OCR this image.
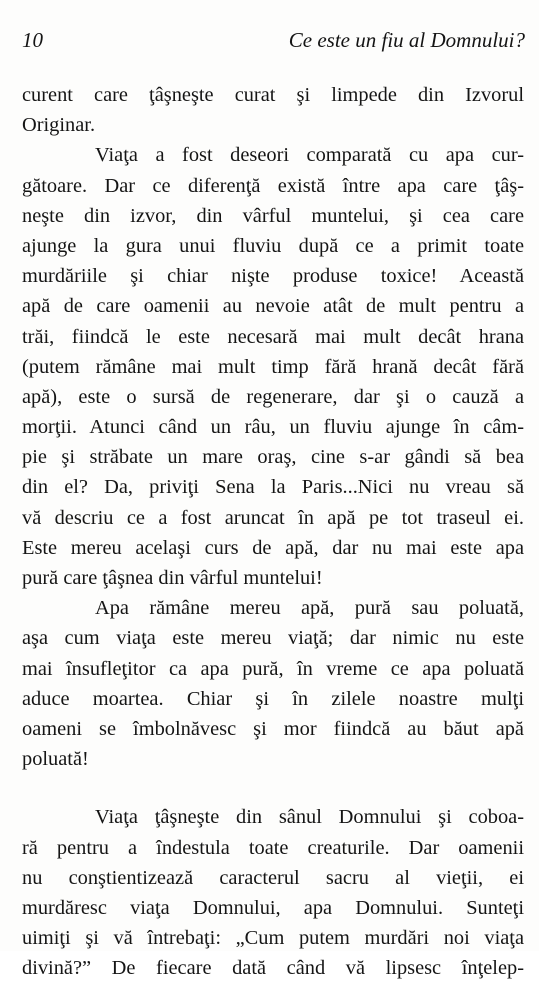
10	Ce este un fiu al Domnului?
curent care ţâşneşte curat şi limpede din Izvorul
Originar.
Viaţa a fost deseori comparată cu apa cur-
gătoare. Dar ce diferenţă există între apa care ţâş-
neşte din izvor, din vârful muntelui, şi cea care
ajunge la gura unui fluviu după ce a primit toate
murdăriile şi chiar nişte produse toxice! Această
apă de care oamenii au nevoie atât de mult pentru a
trăi, fiindcă le este necesară mai mult decât hrana
(putem rămâne mai mult timp fără hrană decât fără
apă), este o sursă de regenerare, dar şi o cauză a
morţii. Atunci când un râu, un fluviu ajunge în câm-
pie şi străbate un mare oraş, cine s-ar gândi să bea
din el? Da, priviţi Sena la Paris...Nici nu vreau să
vă descriu ce a fost aruncat în apă pe tot traseul ei.
Este mereu acelaşi curs de apă, dar nu mai este apa
pură care ţâşnea din vârful muntelui!
Apa rămâne mereu apă, pură sau poluată,
aşa cum viaţa este mereu viaţă; dar nimic nu este
mai însufleţitor ca apa pură, în vreme ce apa poluată
aduce moartea. Chiar şi în zilele noastre mulţi
oameni se îmbolnăvesc şi mor fiindcă au băut apă
poluată!
Viaţa ţâşneşte din sânul Domnului şi coboa-
ră pentru a îndestula toate creaturile. Dar oamenii
nu conştientizează caracterul sacru al vieţii, ei
murdăresc viaţa Domnului, apa Domnului. Sunteţi
uimiţi şi vă întrebaţi: „Cum putem murdări noi viaţa
divină?” De fiecare dată când vă lipsesc înţelep-
